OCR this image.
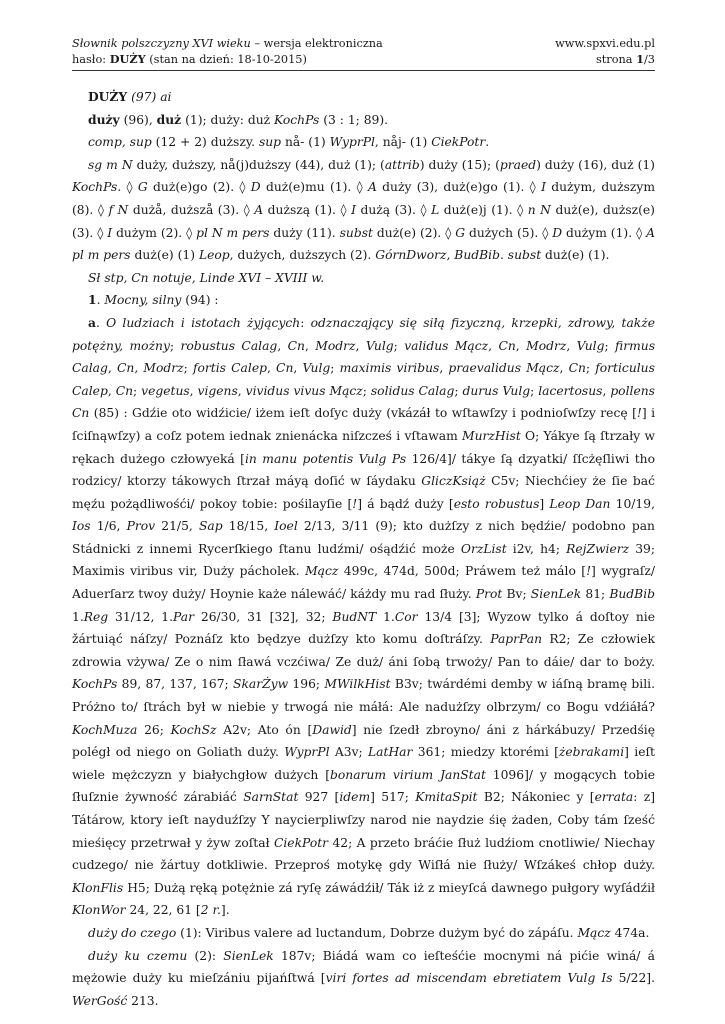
Słownik polszczyzny XVI wieku – wersja elektroniczna	www.spxvi.edu.pl
hasło: DUŻY (stan na dzień: 18-10-2015)	strona 1/3

DUŻY (97) ai

duży (96), duż (1); duży: duż KochPs (3 : 1; 89).

comp, sup (12 + 2) duższy. sup nå- (1) WyprPl, nåj- (1) CiekPotr.

sg m N duży, duższy, nå(j)duższy (44), duż (1); (attrib) duży (15); (praed) duży (16), duż (1) KochPs. ◊ G duż(e)go (2). ◊ D duż(e)mu (1). ◊ A duży (3), duż(e)go (1). ◊ I dużym, duższym (8). ◊ f N dużå, duższå (3). ◊ A duższą (1). ◊ I dużą (3). ◊ L duż(e)j (1). ◊ n N duż(e), duższ(e) (3). ◊ I dużym (2). ◊ pl N m pers duży (11). subst duż(e) (2). ◊ G dużych (5). ◊ D dużym (1). ◊ A pl m pers duż(e) (1) Leop, dużych, duższych (2). GórnDworz, BudBib. subst duż(e) (1).

Sł stp, Cn notuje, Linde XVI – XVIII w.

1. Mocny, silny (94) :

a. O ludziach i istotach żyjących: odznaczający się siłą fizyczną, krzepki, zdrowy, także potężny, możny; robustus Calag, Cn, Modrz, Vulg; validus Mącz, Cn, Modrz, Vulg; firmus Calag, Cn, Modrz; fortis Calep, Cn, Vulg; maximis viribus, praevalidus Mącz, Cn; forticulus Calep, Cn; vegetus, vigens, vividus vivus Mącz; solidus Calag; durus Vulg; lacertosus, pollens Cn (85) : Gdźie oto widźicie/ iżem ieſt doſyc duży (vkázáł to wſtawſzy i podnioſwſzy recę [!] i ſciſnąwſzy) a coſz potem iednak znienácka niſzcześ i vſtawam MurzHist O; Yákye ſą ſtrzały w rękach dużego człowyeká [in manu potentis Vulg Ps 126/4]/ tákye ſą dzyatki/ ſſcżęſliwi tho rodzicy/ ktorzy tákowych ſtrzał máyą doſić w ſáydaku GliczKsiąż C5v; Niechćiey że ſie bać męźu pożądliwośći/ pokoy tobie: pośilayſie [!] á bądź duży [esto robustus] Leop Dan 10/19, Ios 1/6, Prov 21/5, Sap 18/15, Ioel 2/13, 3/11 (9); kto dużſzy z nich będźie/ podobno pan Stádnicki z innemi Rycerſkiego ſtanu ludźmi/ ośądźić może OrzList i2v, h4; RejZwierz 39; Maximis viribus vir, Duży pácholek. Mącz 499c, 474d, 500d; Práwem też málo [!] wygraſz/ Aduerſarz twoy duży/ Hoynie każe nálewáć/ káżdy mu rad ſłuży. Prot Bv; SienLek 81; BudBib 1.Reg 31/12, 1.Par 26/30, 31 [32], 32; BudNT 1.Cor 13/4 [3]; Wyzow tylko á doſtoy nie žártuiąć náſzy/ Poznáſz kto będzye dużſzy kto komu doſtráſzy. PaprPan R2; Ze człowiek zdrowia vżywa/ Ze o nim ſławá vczćiwa/ Ze duż/ áni ſobą trwoży/ Pan to dáie/ dar to boży. KochPs 89, 87, 137, 167; SkarŻyw 196; MWilkHist B3v; twárdémi demby w iáſną bramę bili. Próżno to/ ſtrách był w niebie y trwogá nie máłá: Ale nadużſzy olbrzym/ co Bogu vdźiáłá? KochMuza 26; KochSz A2v; Ato ón [Dawid] nie ſzedł zbroyno/ áni z hárkábuzy/ Przedśię polégł od niego on Goliath duży. WyprPl A3v; LatHar 361; miedzy ktorémi [żebrakami] ieſt wiele mężczyzn y białychgłow dużych [bonarum virium JanStat 1096]/ y mogących tobie ſłuſznie żywność zárabiáć SarnStat 927 [idem] 517; KmitaSpit B2; Nákoniec y [errata: z] Tátárow, ktory ieſt nayduźſzy Y naycierpliwſzy narod nie naydzie śię żaden, Coby tám ſześć mieśięcy przetrwał y żyw zoſtał CiekPotr 42; A przeto bráćie ſłuż ludźiom cnotliwie/ Niechay cudzego/ nie žártuy dotkliwie. Przeproś motykę gdy Wiſłá nie ſłuży/ Wſzákeś chłop duży. KlonFlis H5; Dużą ręką potężnie zá ryſę záwádźił/ Ták iż z mieyſcá dawnego pułgory wyſádźił KlonWor 24, 22, 61 [2 r.].

duży do czego (1): Viribus valere ad luctandum, Dobrze dużym być do zápáſu. Mącz 474a.

duży ku czemu (2): SienLek 187v; Biádá wam co ieſteśćie mocnymi ná pićie winá/ á mężowie duży ku mieſzániu pijańſtwá [viri fortes ad miscendam ebretiatem Vulg Is 5/22]. WerGość 213.
